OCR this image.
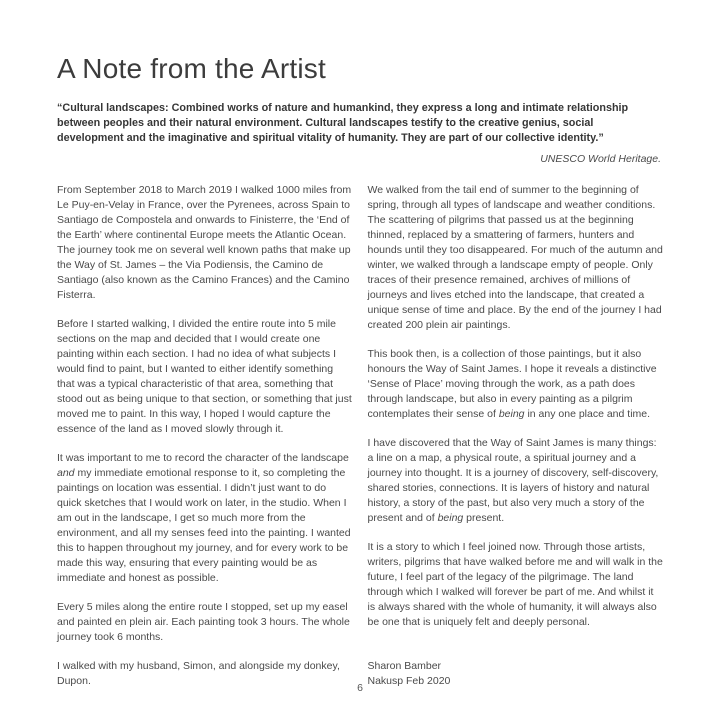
A Note from the Artist

“Cultural landscapes: Combined works of nature and humankind, they express a long and intimate relationship between peoples and their natural environment. Cultural landscapes testify to the creative genius, social development and the imaginative and spiritual vitality of humanity. They are part of our collective identity.”

UNESCO World Heritage.

From September 2018 to March 2019 I walked 1000 miles from Le Puy-en-Velay in France, over the Pyrenees, across Spain to Santiago de Compostela and onwards to Finisterre, the ‘End of the Earth’ where continental Europe meets the Atlantic Ocean. The journey took me on several well known paths that make up the Way of St. James – the Via Podiensis, the Camino de Santiago (also known as the Camino Frances) and the Camino Fisterra.

Before I started walking, I divided the entire route into 5 mile sections on the map and decided that I would create one painting within each section. I had no idea of what subjects I would find to paint, but I wanted to either identify something that was a typical characteristic of that area, something that stood out as being unique to that section, or something that just moved me to paint. In this way, I hoped I would capture the essence of the land as I moved slowly through it.

It was important to me to record the character of the landscape and my immediate emotional response to it, so completing the paintings on location was essential. I didn’t just want to do quick sketches that I would work on later, in the studio. When I am out in the landscape, I get so much more from the environment, and all my senses feed into the painting. I wanted this to happen throughout my journey, and for every work to be made this way, ensuring that every painting would be as immediate and honest as possible.

Every 5 miles along the entire route I stopped, set up my easel and painted en plein air. Each painting took 3 hours. The whole journey took 6 months.

I walked with my husband, Simon, and alongside my donkey, Dupon.

We walked from the tail end of summer to the beginning of spring, through all types of landscape and weather conditions. The scattering of pilgrims that passed us at the beginning thinned, replaced by a smattering of farmers, hunters and hounds until they too disappeared. For much of the autumn and winter, we walked through a landscape empty of people. Only traces of their presence remained, archives of millions of journeys and lives etched into the landscape, that created a unique sense of time and place. By the end of the journey I had created 200 plein air paintings.

This book then, is a collection of those paintings, but it also honours the Way of Saint James. I hope it reveals a distinctive ‘Sense of Place’ moving through the work, as a path does through landscape, but also in every painting as a pilgrim contemplates their sense of being in any one place and time.

I have discovered that the Way of Saint James is many things: a line on a map, a physical route, a spiritual journey and a journey into thought. It is a journey of discovery, self-discovery, shared stories, connections. It is layers of history and natural history, a story of the past, but also very much a story of the present and of being present.

It is a story to which I feel joined now. Through those artists, writers, pilgrims that have walked before me and will walk in the future, I feel part of the legacy of the pilgrimage. The land through which I walked will forever be part of me. And whilst it is always shared with the whole of humanity, it will always also be one that is uniquely felt and deeply personal.

Sharon Bamber
Nakusp Feb 2020

6
